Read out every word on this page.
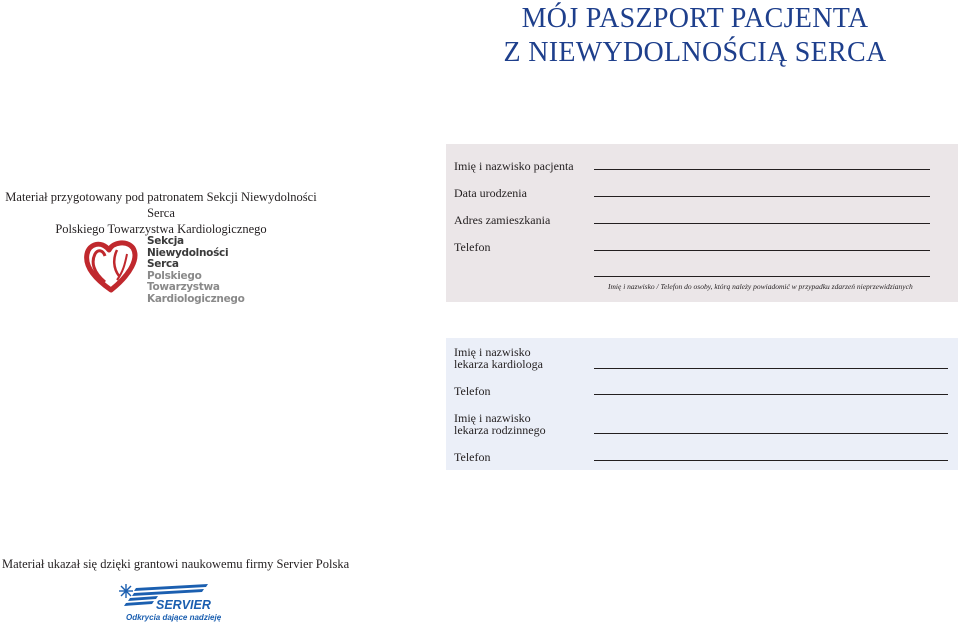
MÓJ PASZPORT PACJENTA
Z NIEWYDOLNOŚCIĄ SERCA
Materiał przygotowany pod patronatem Sekcji Niewydolności Serca
Polskiego Towarzystwa Kardiologicznego
Sekcja
Niewydolności Serca
Polskiego
Towarzystwa
Kardiologicznego
Imię i nazwisko pacjenta
Data urodzenia
Adres zamieszkania
Telefon
Imię i nazwisko / Telefon do osoby, którą należy powiadomić w przypadku zdarzeń nieprzewidzianych
Imię i nazwisko
lekarza kardiologa
Telefon
Imię i nazwisko
lekarza rodzinnego
Telefon
Materiał ukazał się dzięki grantowi naukowemu firmy Servier Polska
SERVIER
Odkrycia dające nadzieję
